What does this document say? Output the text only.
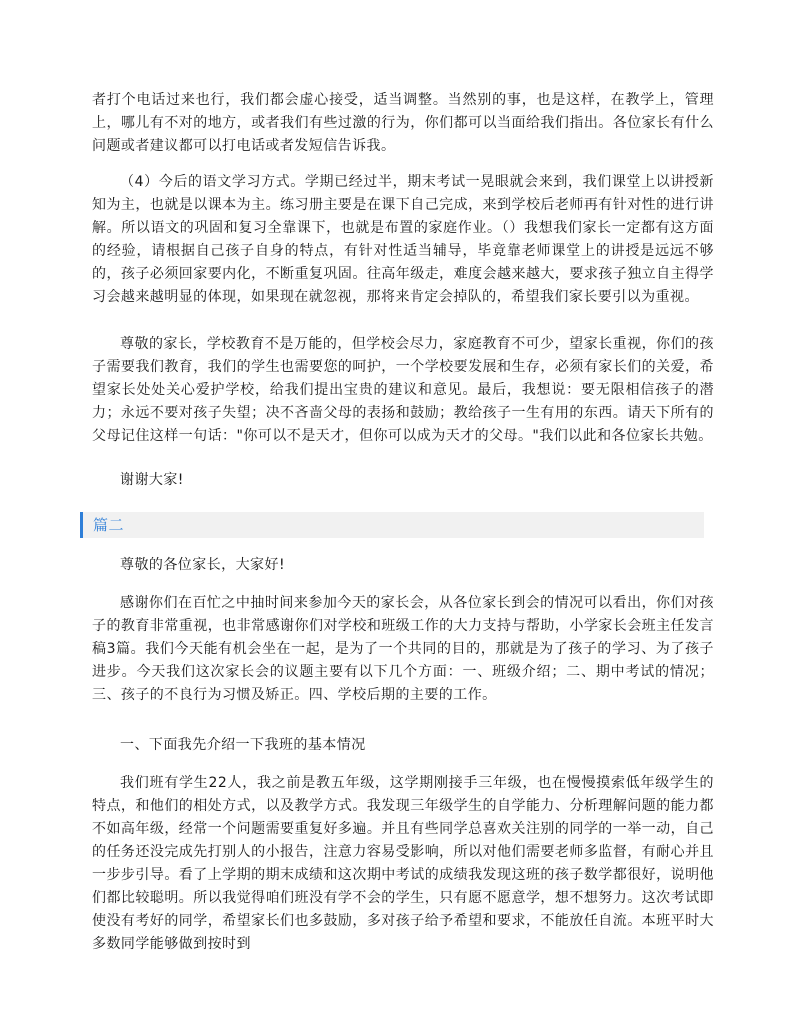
者打个电话过来也行，我们都会虚心接受，适当调整。当然别的事，也是这样，在教学上，管理上，哪儿有不对的地方，或者我们有些过激的行为，你们都可以当面给我们指出。各位家长有什么问题或者建议都可以打电话或者发短信告诉我。

（4）今后的语文学习方式。学期已经过半，期末考试一晃眼就会来到，我们课堂上以讲授新知为主，也就是以课本为主。练习册主要是在课下自己完成，来到学校后老师再有针对性的进行讲解。所以语文的巩固和复习全靠课下，也就是布置的家庭作业。（）我想我们家长一定都有这方面的经验，请根据自己孩子自身的特点，有针对性适当辅导，毕竟靠老师课堂上的讲授是远远不够的，孩子必须回家要内化，不断重复巩固。往高年级走，难度会越来越大，要求孩子独立自主得学习会越来越明显的体现，如果现在就忽视，那将来肯定会掉队的，希望我们家长要引以为重视。

尊敬的家长，学校教育不是万能的，但学校会尽力，家庭教育不可少，望家长重视，你们的孩子需要我们教育，我们的学生也需要您的呵护，一个学校要发展和生存，必须有家长们的关爱，希望家长处处关心爱护学校，给我们提出宝贵的建议和意见。最后，我想说：要无限相信孩子的潜力；永远不要对孩子失望；决不吝啬父母的表扬和鼓励；教给孩子一生有用的东西。请天下所有的父母记住这样一句话："你可以不是天才，但你可以成为天才的父母。"我们以此和各位家长共勉。

谢谢大家!

篇二

尊敬的各位家长，大家好!

感谢你们在百忙之中抽时间来参加今天的家长会，从各位家长到会的情况可以看出，你们对孩子的教育非常重视，也非常感谢你们对学校和班级工作的大力支持与帮助，小学家长会班主任发言稿3篇。我们今天能有机会坐在一起，是为了一个共同的目的，那就是为了孩子的学习、为了孩子进步。今天我们这次家长会的议题主要有以下几个方面：一、班级介绍；二、期中考试的情况；三、孩子的不良行为习惯及矫正。四、学校后期的主要的工作。

一、下面我先介绍一下我班的基本情况

我们班有学生22人，我之前是教五年级，这学期刚接手三年级，也在慢慢摸索低年级学生的特点，和他们的相处方式，以及教学方式。我发现三年级学生的自学能力、分析理解问题的能力都不如高年级，经常一个问题需要重复好多遍。并且有些同学总喜欢关注别的同学的一举一动，自己的任务还没完成先打别人的小报告，注意力容易受影响，所以对他们需要老师多监督，有耐心并且一步步引导。看了上学期的期末成绩和这次期中考试的成绩我发现这班的孩子数学都很好，说明他们都比较聪明。所以我觉得咱们班没有学不会的学生，只有愿不愿意学，想不想努力。这次考试即使没有考好的同学，希望家长们也多鼓励，多对孩子给予希望和要求，不能放任自流。本班平时大多数同学能够做到按时到
